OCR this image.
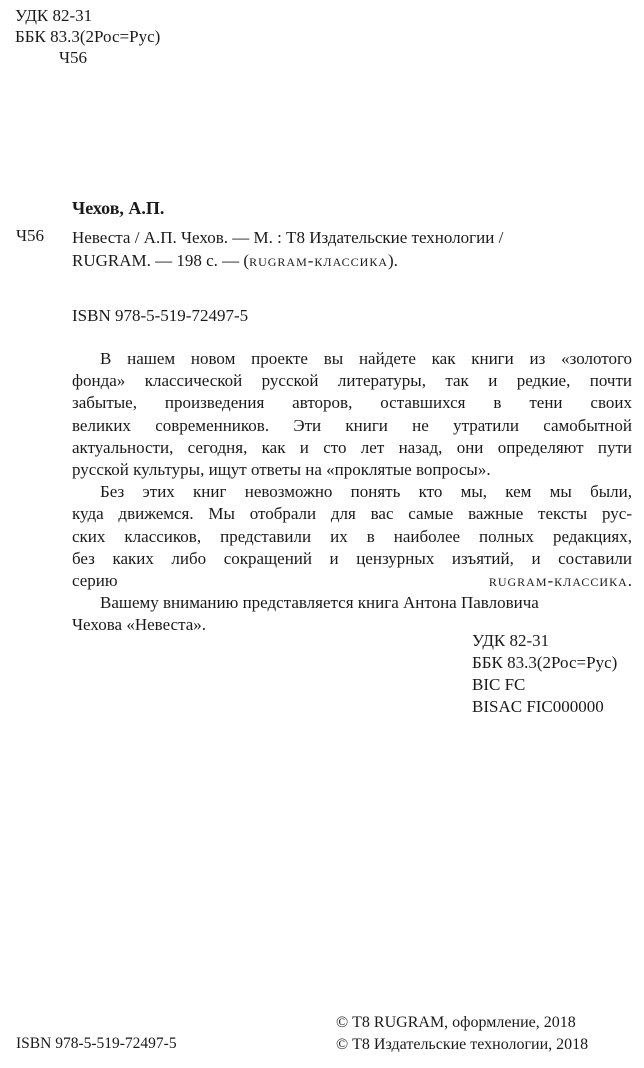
УДК 82-31
ББК 83.3(2Рос=Рус)
Ч56
Чехов, А.П.
Ч56 Невеста / А.П. Чехов. — М. : Т8 Издательские технологии /
RUGRAM. — 198 с. — (rugram-классика).
ISBN 978-5-519-72497-5

В нашем новом проекте вы найдете как книги из «золотого
фонда» классической русской литературы, так и редкие, почти
забытые, произведения авторов, оставшихся в тени своих
великих современников. Эти книги не утратили самобытной
актуальности, сегодня, как и сто лет назад, они определяют пути
русской культуры, ищут ответы на «проклятые вопросы».

Без этих книг невозможно понять кто мы, кем мы были,
куда движемся. Мы отобрали для вас самые важные тексты рус-
ских классиков, представили их в наиболее полных редакциях,
без каких либо сокращений и цензурных изъятий, и составили
серию rugram-классика.

Вашему вниманию представляется книга Антона Павловича
Чехова «Невеста».

УДК 82-31
ББК 83.3(2Рос=Рус)
BIC FC
BISAC FIC000000
ISBN 978-5-519-72497-5
© Т8 RUGRAM, оформление, 2018
© Т8 Издательские технологии, 2018
